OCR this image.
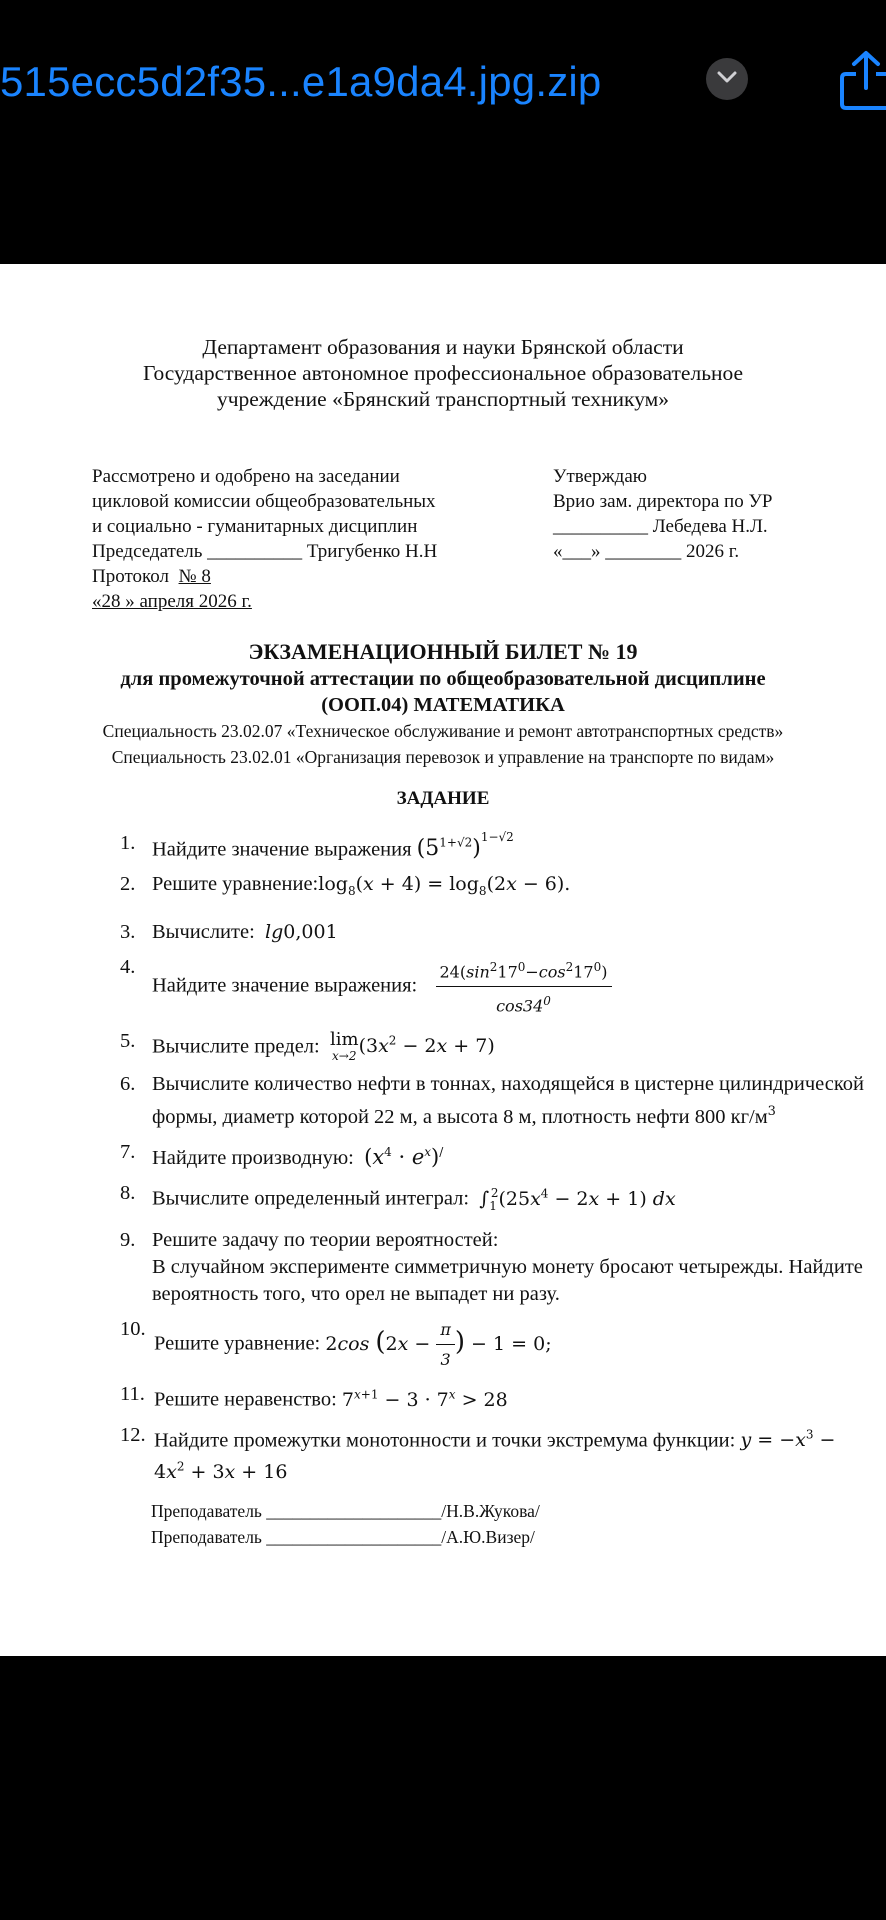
515ecc5d2f35...e1a9da4.jpg.zip
Департамент образования и науки Брянской области
Государственное автономное профессиональное образовательное
учреждение «Брянский транспортный техникум»
Рассмотрено и одобрено на заседании
цикловой комиссии общеобразовательных
и социально - гуманитарных дисциплин
Председатель __________ Тригубенко Н.Н
Протокол № 8
«28 » апреля 2026 г.
Утверждаю
Врио зам. директора по УР
__________ Лебедева Н.Л.
«___» ________ 2026 г.
ЭКЗАМЕНАЦИОННЫЙ БИЛЕТ № 19
для промежуточной аттестации по общеобразовательной дисциплине
(ООП.04) МАТЕМАТИКА
Специальность 23.02.07 «Техническое обслуживание и ремонт автотранспортных средств»
Специальность 23.02.01 «Организация перевозок и управление на транспорте по видам»
ЗАДАНИЕ
1. Найдите значение выражения $(5^{1+√2})^{1-√2}$
2. Решите $уравнение:\log_8(x + 4) = \log_8(2x - 6)$.
3. Вычислите: lg0,001
4.
Найдите значение выражения: $\frac{24(\sin^217^0-\cos^217^0)}{\cos 34^0}$
5. Вычислите предел: lim
x→2 $(3x^2 - 2x + 7)$
6. Вычислите количество нефти в тоннах, находящейся в цистерне цилиндрической формы, диаметр которой 22 м, а высота 8 м, плотность нефти 800 $кг/м^3$
7. Найдите производную: $(x^4 \cdot e^x)^/$
8. Вычислите определенный интеграл: $\int_1^2(25x^4 - 2x + 1)$ dx
9. Решите задачу по теории вероятностей:
В случайном эксперименте симметричную монету бросают четырежды. Найдите вероятность того, что орел не выпадет ни разу.
10.
Решите уравнение: 2cos ($2x - \frac{\pi}{3}$ ) − 1 = 0;
11. Решите неравенство: $7^{x+1} - 3 \cdot 7^x > 28$
12. Найдите промежутки монотонности и точки экстремума функции: $y = -x^3 - 4x^2 + 3x + 16$
Преподаватель ____________________/Н.В.Жукова/
Преподаватель ____________________/А.Ю.Визер/
